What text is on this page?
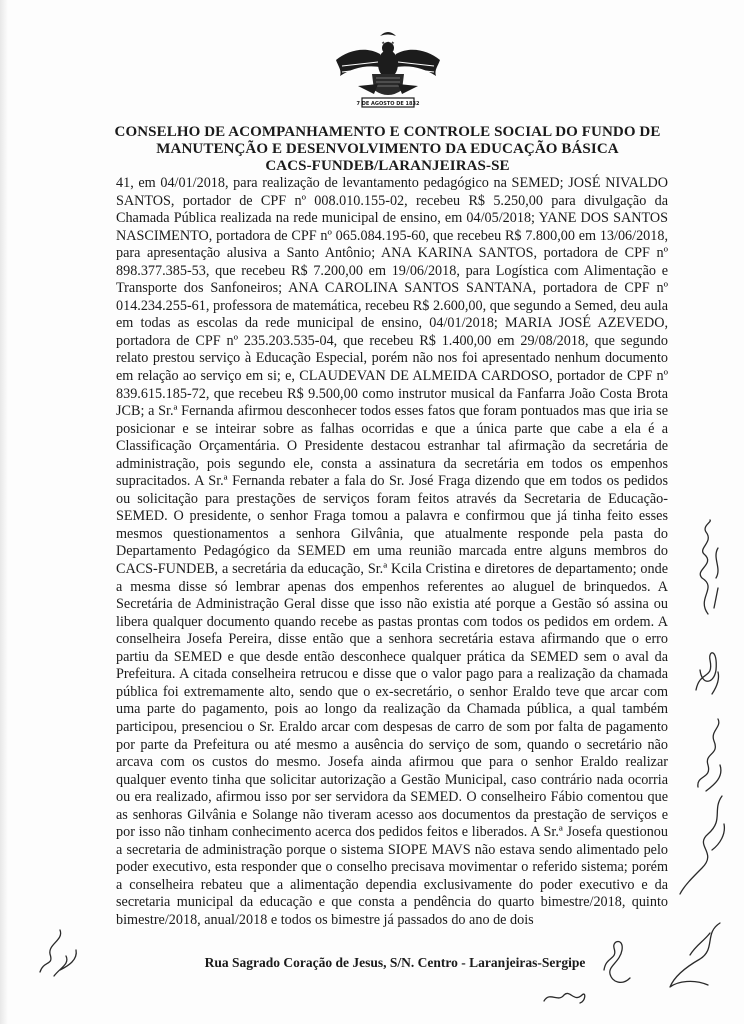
★ ★ ★
7 DE AGOSTO DE 1832
CONSELHO DE ACOMPANHAMENTO E CONTROLE SOCIAL DO FUNDO DE
MANUTENÇÃO E DESENVOLVIMENTO DA EDUCAÇÃO BÁSICA
CACS-FUNDEB/LARANJEIRAS-SE
41, em 04/01/2018, para realização de levantamento pedagógico na SEMED; JOSÉ NIVALDO SANTOS, portador de CPF nº 008.010.155-02, recebeu R$ 5.250,00 para divulgação da Chamada Pública realizada na rede municipal de ensino, em 04/05/2018; YANE DOS SANTOS NASCIMENTO, portadora de CPF nº 065.084.195-60, que recebeu R$ 7.800,00 em 13/06/2018, para apresentação alusiva a Santo Antônio; ANA KARINA SANTOS, portadora de CPF nº 898.377.385-53, que recebeu R$ 7.200,00 em 19/06/2018, para Logística com Alimentação e Transporte dos Sanfoneiros; ANA CAROLINA SANTOS SANTANA, portadora de CPF nº 014.234.255-61, professora de matemática, recebeu R$ 2.600,00, que segundo a Semed, deu aula em todas as escolas da rede municipal de ensino, 04/01/2018; MARIA JOSÉ AZEVEDO, portadora de CPF nº 235.203.535-04, que recebeu R$ 1.400,00 em 29/08/2018, que segundo relato prestou serviço à Educação Especial, porém não nos foi apresentado nenhum documento em relação ao serviço em si; e, CLAUDEVAN DE ALMEIDA CARDOSO, portador de CPF nº 839.615.185-72, que recebeu R$ 9.500,00 como instrutor musical da Fanfarra João Costa Brota JCB; a Sr.ª Fernanda afirmou desconhecer todos esses fatos que foram pontuados mas que iria se posicionar e se inteirar sobre as falhas ocorridas e que a única parte que cabe a ela é a Classificação Orçamentária. O Presidente destacou estranhar tal afirmação da secretária de administração, pois segundo ele, consta a assinatura da secretária em todos os empenhos supracitados. A Sr.ª Fernanda rebater a fala do Sr. José Fraga dizendo que em todos os pedidos ou solicitação para prestações de serviços foram feitos através da Secretaria de Educação-SEMED. O presidente, o senhor Fraga tomou a palavra e confirmou que já tinha feito esses mesmos questionamentos a senhora Gilvânia, que atualmente responde pela pasta do Departamento Pedagógico da SEMED em uma reunião marcada entre alguns membros do CACS-FUNDEB, a secretária da educação, Sr.ª Kcila Cristina e diretores de departamento; onde a mesma disse só lembrar apenas dos empenhos referentes ao aluguel de brinquedos. A Secretária de Administração Geral disse que isso não existia até porque a Gestão só assina ou libera qualquer documento quando recebe as pastas prontas com todos os pedidos em ordem. A conselheira Josefa Pereira, disse então que a senhora secretária estava afirmando que o erro partiu da SEMED e que desde então desconhece qualquer prática da SEMED sem o aval da Prefeitura. A citada conselheira retrucou e disse que o valor pago para a realização da chamada pública foi extremamente alto, sendo que o ex-secretário, o senhor Eraldo teve que arcar com uma parte do pagamento, pois ao longo da realização da Chamada pública, a qual também participou, presenciou o Sr. Eraldo arcar com despesas de carro de som por falta de pagamento por parte da Prefeitura ou até mesmo a ausência do serviço de som, quando o secretário não arcava com os custos do mesmo. Josefa ainda afirmou que para o senhor Eraldo realizar qualquer evento tinha que solicitar autorização a Gestão Municipal, caso contrário nada ocorria ou era realizado, afirmou isso por ser servidora da SEMED. O conselheiro Fábio comentou que as senhoras Gilvânia e Solange não tiveram acesso aos documentos da prestação de serviços e por isso não tinham conhecimento acerca dos pedidos feitos e liberados. A Sr.ª Josefa questionou a secretaria de administração porque o sistema SIOPE MAVS não estava sendo alimentado pelo poder executivo, esta responder que o conselho precisava movimentar o referido sistema; porém a conselheira rebateu que a alimentação dependia exclusivamente do poder executivo e da secretaria municipal da educação e que consta a pendência do quarto bimestre/2018, quinto bimestre/2018, anual/2018 e todos os bimestre já passados do ano de dois
Rua Sagrado Coração de Jesus, S/N. Centro - Laranjeiras-Sergipe
